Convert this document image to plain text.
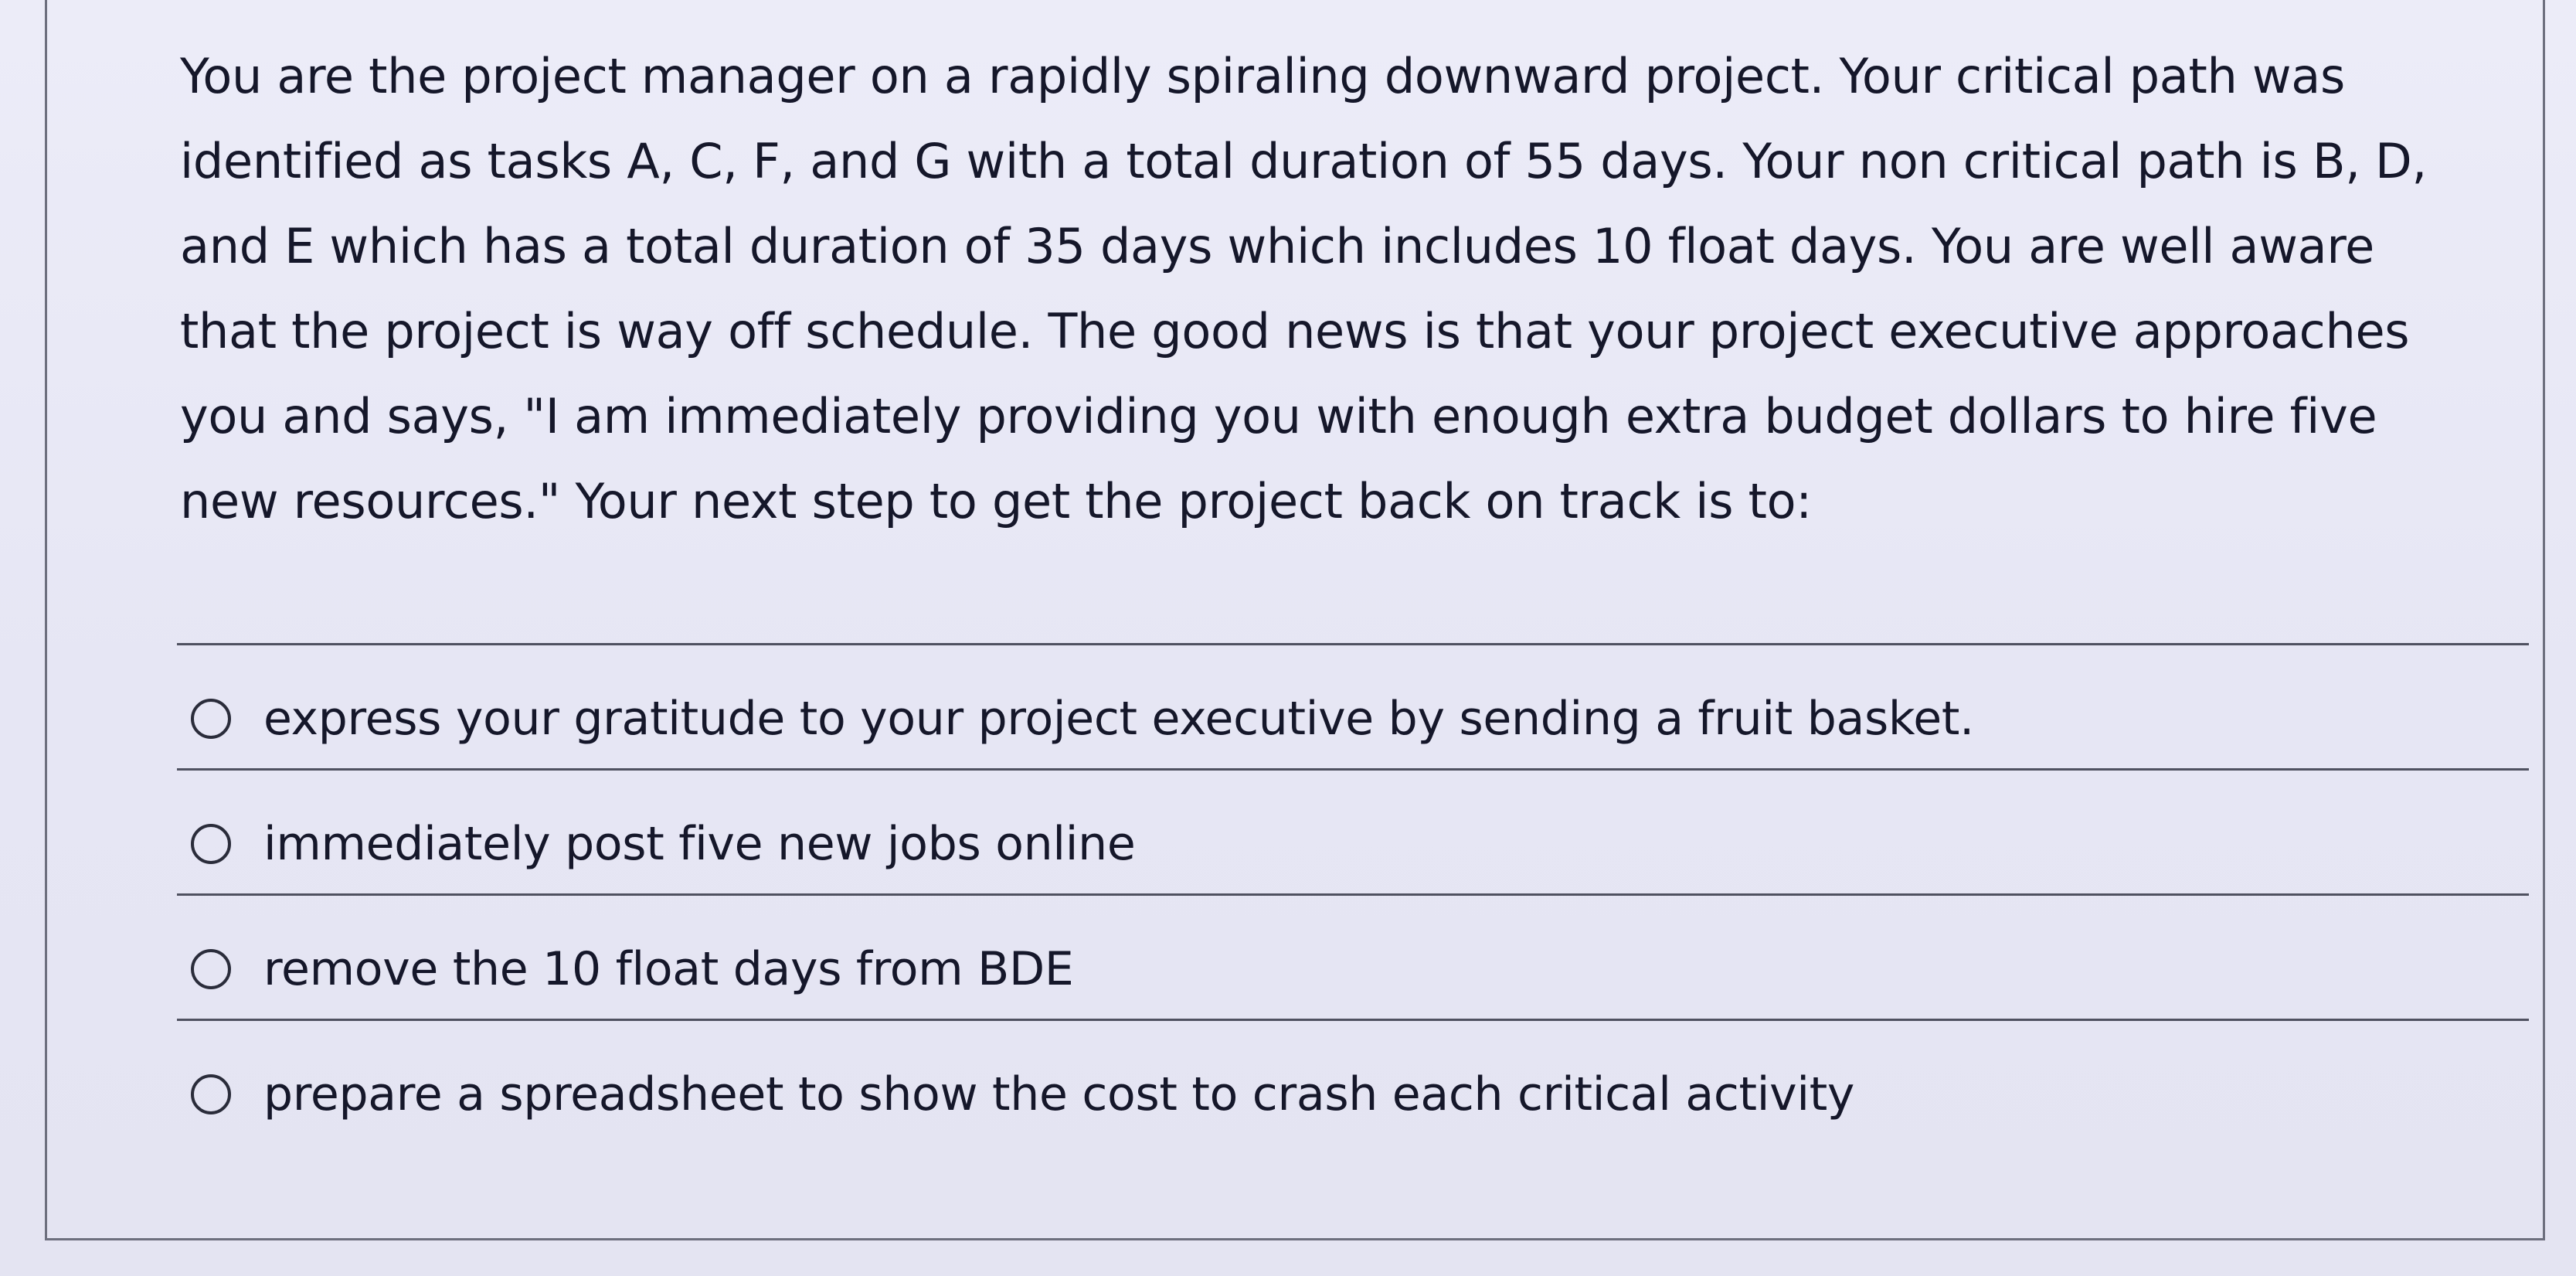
You are the project manager on a rapidly spiraling downward project. Your critical path was
identified as tasks A, C, F, and G with a total duration of 55 days. Your non critical path is B, D,
and E which has a total duration of 35 days which includes 10 float days. You are well aware
that the project is way off schedule. The good news is that your project executive approaches
you and says, "I am immediately providing you with enough extra budget dollars to hire five
new resources." Your next step to get the project back on track is to:

express your gratitude to your project executive by sending a fruit basket.
immediately post five new jobs online
remove the 10 float days from BDE
prepare a spreadsheet to show the cost to crash each critical activity
